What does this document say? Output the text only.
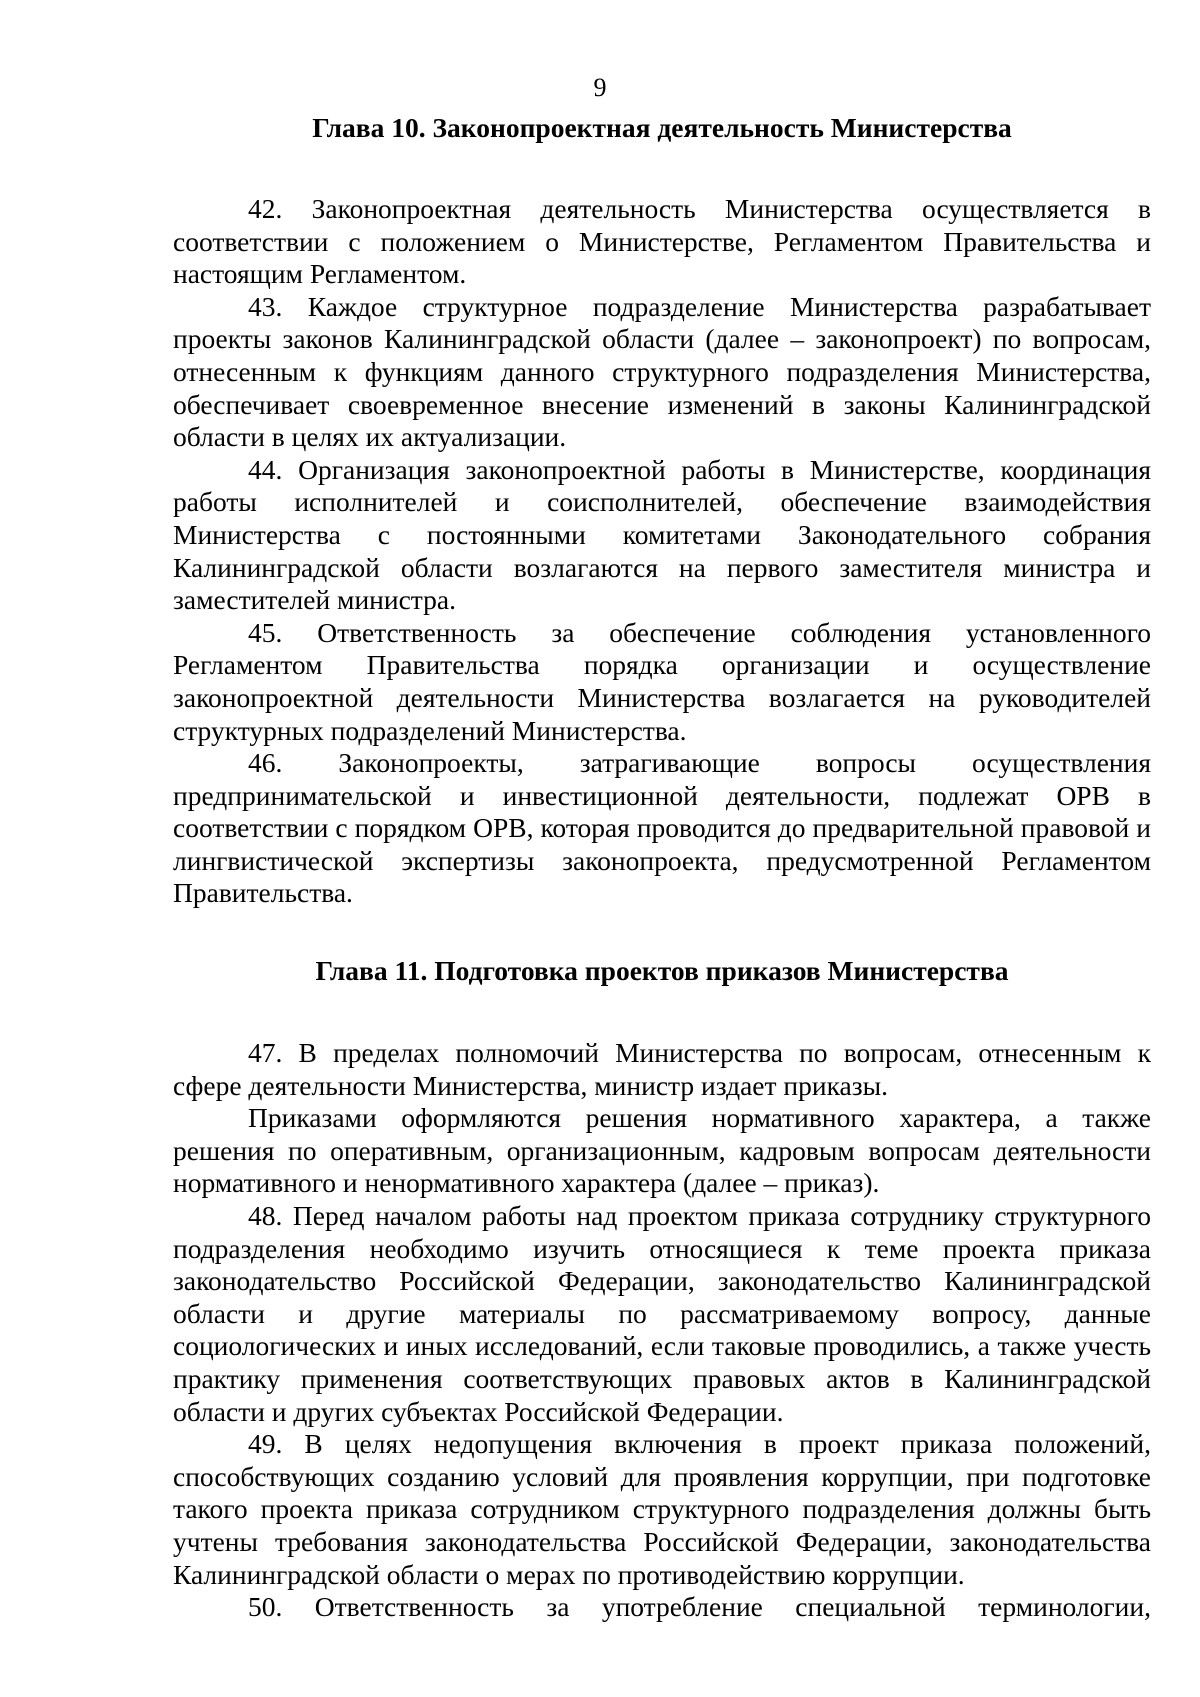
9
Глава 10. Законопроектная деятельность Министерства

42. Законопроектная деятельность Министерства осуществляется в соответствии с положением о Министерстве, Регламентом Правительства и настоящим Регламентом.

43. Каждое структурное подразделение Министерства разрабатывает проекты законов Калининградской области (далее – законопроект) по вопросам, отнесенным к функциям данного структурного подразделения Министерства, обеспечивает своевременное внесение изменений в законы Калининградской области в целях их актуализации.

44. Организация законопроектной работы в Министерстве, координация работы исполнителей и соисполнителей, обеспечение взаимодействия Министерства с постоянными комитетами Законодательного собрания Калининградской области возлагаются на первого заместителя министра и заместителей министра.

45. Ответственность за обеспечение соблюдения установленного Регламентом Правительства порядка организации и осуществление законопроектной деятельности Министерства возлагается на руководителей структурных подразделений Министерства.

46. Законопроекты, затрагивающие вопросы осуществления предпринимательской и инвестиционной деятельности, подлежат ОРВ в соответствии с порядком ОРВ, которая проводится до предварительной правовой и лингвистической экспертизы законопроекта, предусмотренной Регламентом Правительства.

Глава 11. Подготовка проектов приказов Министерства

47. В пределах полномочий Министерства по вопросам, отнесенным к сфере деятельности Министерства, министр издает приказы.

Приказами оформляются решения нормативного характера, а также решения по оперативным, организационным, кадровым вопросам деятельности нормативного и ненормативного характера (далее – приказ).

48. Перед началом работы над проектом приказа сотруднику структурного подразделения необходимо изучить относящиеся к теме проекта приказа законодательство Российской Федерации, законодательство Калининградской области и другие материалы по рассматриваемому вопросу, данные социологических и иных исследований, если таковые проводились, а также учесть практику применения соответствующих правовых актов в Калининградской области и других субъектах Российской Федерации.

49. В целях недопущения включения в проект приказа положений, способствующих созданию условий для проявления коррупции, при подготовке такого проекта приказа сотрудником структурного подразделения должны быть учтены требования законодательства Российской Федерации, законодательства Калининградской области о мерах по противодействию коррупции.

50. Ответственность за употребление специальной терминологии,
